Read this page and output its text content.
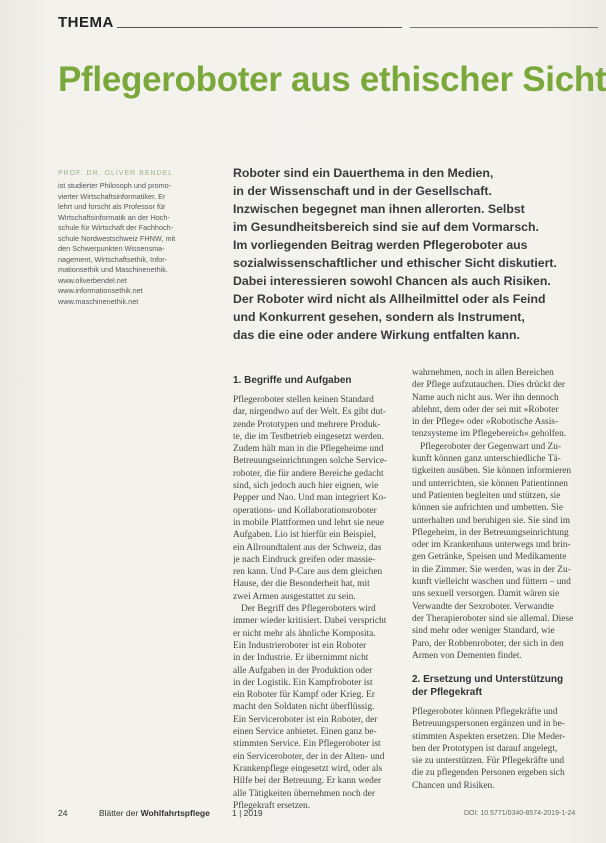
THEMA
Pflegeroboter aus ethischer Sicht
PROF. DR. OLIVER BENDEL
ist studierter Philosoph und promo-
vierter Wirtschaftsinformatiker. Er
lehrt und forscht als Professor für
Wirtschaftsinformatik an der Hoch-
schule für Wirtschaft der Fachhoch-
schule Nordwestschweiz FHNW, mit
den Schwerpunkten Wissensma-
nagement, Wirtschaftsethik, Infor-
mationsethik und Maschinenethik.
www.oliverbendel.net
www.informationsethik.net
www.maschinenethik.net
Roboter sind ein Dauerthema in den Medien,
in der Wissenschaft und in der Gesellschaft.
Inzwischen begegnet man ihnen allerorten. Selbst
im Gesundheitsbereich sind sie auf dem Vormarsch.
Im vorliegenden Beitrag werden Pflegeroboter aus
sozialwissenschaftlicher und ethischer Sicht diskutiert.
Dabei interessieren sowohl Chancen als auch Risiken.
Der Roboter wird nicht als Allheilmittel oder als Feind
und Konkurrent gesehen, sondern als Instrument,
das die eine oder andere Wirkung entfalten kann.
1. Begriffe und Aufgaben
Pflegeroboter stellen keinen Standard
dar, nirgendwo auf der Welt. Es gibt dut-
zende Prototypen und mehrere Produk-
te, die im Testbetrieb eingesetzt werden.
Zudem hält man in die Pflegeheime und
Betreuungseinrichtungen solche Service-
roboter, die für andere Bereiche gedacht
sind, sich jedoch auch hier eignen, wie
Pepper und Nao. Und man integriert Ko-
operations- und Kollaborationsroboter
in mobile Plattformen und lehrt sie neue
Aufgaben. Lio ist hierfür ein Beispiel,
ein Allroundtalent aus der Schweiz, das
je nach Eindruck greifen oder massie-
ren kann. Und P-Care aus dem gleichen
Hause, der die Besonderheit hat, mit
zwei Armen ausgestattet zu sein.
Der Begriff des Pflegeroboters wird
immer wieder kritisiert. Dabei verspricht
er nicht mehr als ähnliche Komposita.
Ein Industrieroboter ist ein Roboter
in der Industrie. Er übernimmt nicht
alle Aufgaben in der Produktion oder
in der Logistik. Ein Kampfroboter ist
ein Roboter für Kampf oder Krieg. Er
macht den Soldaten nicht überflüssig.
Ein Serviceroboter ist ein Roboter, der
einen Service anbietet. Einen ganz be-
stimmten Service. Ein Pflegeroboter ist
ein Serviceroboter, der in der Alten- und
Krankenpflege eingesetzt wird, oder als
Hilfe bei der Betreuung. Er kann weder
alle Tätigkeiten übernehmen noch der
Pflegekraft ersetzen.
wahrnehmen, noch in allen Bereichen
der Pflege aufzutauchen. Dies drückt der
Name auch nicht aus. Wer ihn dennoch
ablehnt, dem oder der sei mit »Roboter
in der Pflege« oder »Robotische Assis-
tenzsysteme im Pflegebereich« geholfen.
Pflegeroboter der Gegenwart und Zu-
kunft können ganz unterschiedliche Tä-
tigkeiten ausüben. Sie können informieren
und unterrichten, sie können Patientinnen
und Patienten begleiten und stützen, sie
können sie aufrichten und umbetten. Sie
unterhalten und beruhigen sie. Sie sind im
Pflegeheim, in der Betreuungseinrichtung
oder im Krankenhaus unterwegs und brin-
gen Getränke, Speisen und Medikamente
in die Zimmer. Sie werden, was in der Zu-
kunft vielleicht waschen und füttern – und
uns sexuell versorgen. Damit wären sie
Verwandte der Sexroboter. Verwandte
der Therapieroboter sind sie allemal. Diese
sind mehr oder weniger Standard, wie
Paro, der Robbenroboter, der sich in den
Armen von Dementen findet.
2. Ersetzung und Unterstützung
der Pflegekraft
Pflegeroboter können Pflegekräfte und
Betreuungspersonen ergänzen und in be-
stimmten Aspekten ersetzen. Die Meder-
ben der Prototypen ist darauf angelegt,
sie zu unterstützen. Für Pflegekräfte und
die zu pflegenden Personen ergeben sich
Chancen und Risiken.
24	Blätter der Wohlfahrtspflege	1 | 2019	DOI: 10.5771/0340-8574-2019-1-24
